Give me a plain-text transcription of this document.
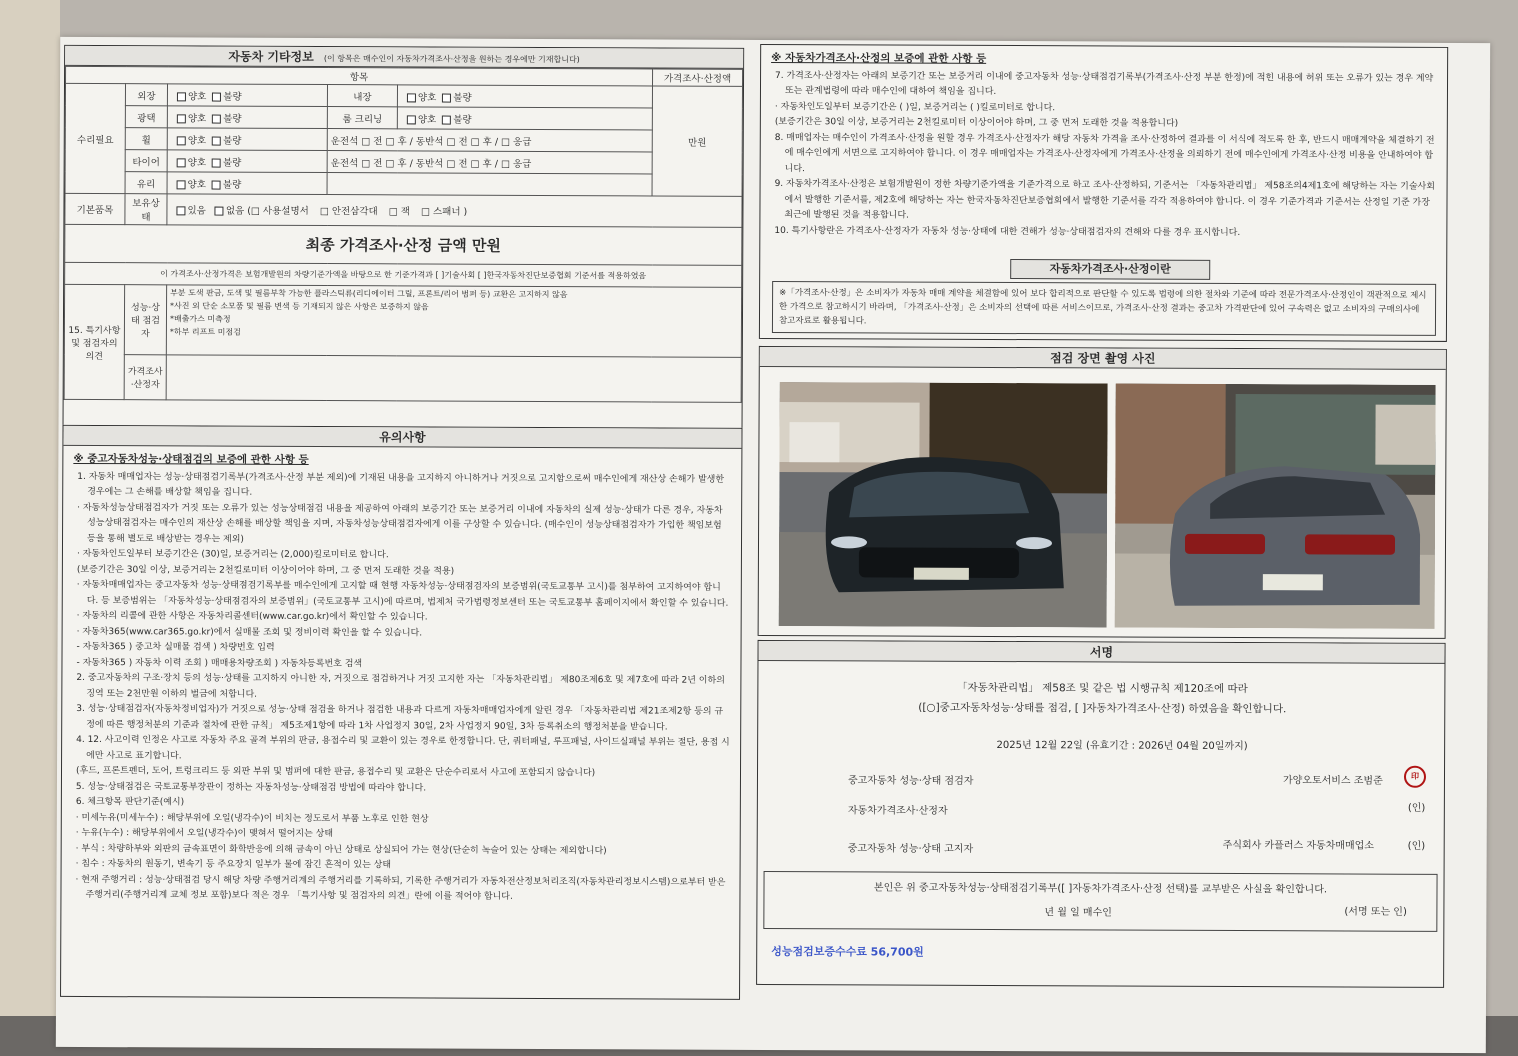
자동차 기타정보 (이 항목은 매수인이 자동차가격조사·산정을 원하는 경우에만 기재합니다)
항목					가격조사·산정액
수리필요	외장	양호 불량	내장	양호 불량	만원
	광택	양호 불량	룸 크리닝	양호 불량	
	휠	양호 불량	운전석 □ 전 □ 후 / 동반석 □ 전 □ 후 / □ 응급		
	타이어	양호 불량	운전석 □ 전 □ 후 / 동반석 □ 전 □ 후 / □ 응급		
	유리	양호 불량			
기본품목	보유상태	있음 없음 (□ 사용설명서 □ 안전삼각대 □ 잭 □ 스패너 )			
최종 가격조사·산정 금액 만원					
이 가격조사·산정가격은 보험개발원의 차량기준가액을 바탕으로 한 기준가격과 [ ]기술사회 [ ]한국자동차진단보증협회 기준서를 적용하였음					
15. 특기사항 및 점검자의 의견	성능·상태 점검자	부분 도색 판금, 도색 및 필름부착 가능한 플라스틱류(리디에이터 그릴, 프론트/리어 범퍼 등) 교환은 고지하지 않음
*사진 외 단순 소모품 및 필름 변색 등 기재되지 않은 사항은 보증하지 않음
*배출가스 미측정
*하부 리프트 미점검			
	가격조사·산정자				
유의사항

※ 중고자동차성능·상태점검의 보증에 관한 사항 등

1. 자동차 매매업자는 성능·상태점검기록부(가격조사·산정 부분 제외)에 기재된 내용을 고지하지 아니하거나 거짓으로 고지함으로써 매수인에게 재산상 손해가 발생한 경우에는 그 손해를 배상할 책임을 집니다.

· 자동차성능상태점검자가 거짓 또는 오류가 있는 성능상태점검 내용을 제공하여 아래의 보증기간 또는 보증거리 이내에 자동차의 실제 성능·상태가 다른 경우, 자동차성능상태점검자는 매수인의 재산상 손해를 배상할 책임을 지며, 자동차성능상태점검자에게 이를 구상할 수 있습니다. (매수인이 성능상태점검자가 가입한 책임보험 등을 통해 별도로 배상받는 경우는 제외)

· 자동차인도일부터 보증기간은 (30)일, 보증거리는 (2,000)킬로미터로 합니다.

(보증기간은 30일 이상, 보증거리는 2천킬로미터 이상이어야 하며, 그 중 먼저 도래한 것을 적용)

· 자동차매매업자는 중고자동차 성능·상태점검기록부를 매수인에게 고지할 때 현행 자동차성능·상태점검자의 보증범위(국토교통부 고시)를 첨부하여 고지하여야 합니다. 등 보증범위는 「자동차성능·상태점검자의 보증범위」(국토교통부 고시)에 따르며, 법제처 국가법령정보센터 또는 국토교통부 홈페이지에서 확인할 수 있습니다.

· 자동차의 리콜에 관한 사항은 자동차리콜센터(www.car.go.kr)에서 확인할 수 있습니다.

· 자동차365(www.car365.go.kr)에서 실매물 조회 및 정비이력 확인을 할 수 있습니다.

- 자동차365 ) 중고차 실매물 검색 ) 차량번호 입력

- 자동차365 ) 자동차 이력 조회 ) 매매용차량조회 ) 자동차등록번호 검색

2. 중고자동차의 구조·장치 등의 성능·상태를 고지하지 아니한 자, 거짓으로 점검하거나 거짓 고지한 자는 「자동차관리법」 제80조제6호 및 제7호에 따라 2년 이하의 징역 또는 2천만원 이하의 벌금에 처합니다.

3. 성능·상태점검자(자동차정비업자)가 거짓으로 성능·상태 점검을 하거나 점검한 내용과 다르게 자동차매매업자에게 알린 경우 「자동차관리법 제21조제2항 등의 규정에 따른 행정처분의 기준과 절차에 관한 규칙」 제5조제1항에 따라 1차 사업정지 30일, 2차 사업정지 90일, 3차 등록취소의 행정처분을 받습니다.

4. 12. 사고이력 인정은 사고로 자동차 주요 골격 부위의 판금, 용접수리 및 교환이 있는 경우로 한정합니다. 단, 쿼터패널, 루프패널, 사이드실패널 부위는 절단, 용접 시에만 사고로 표기합니다.

(후드, 프론트펜더, 도어, 트렁크리드 등 외판 부위 및 범퍼에 대한 판금, 용접수리 및 교환은 단순수리로서 사고에 포함되지 않습니다)

5. 성능·상태점검은 국토교통부장관이 정하는 자동차성능·상태점검 방법에 따라야 합니다.

6. 체크항목 판단기준(예시)

· 미세누유(미세누수) : 해당부위에 오일(냉각수)이 비치는 정도로서 부품 노후로 인한 현상

· 누유(누수) : 해당부위에서 오일(냉각수)이 맺혀서 떨어지는 상태

· 부식 : 차량하부와 외판의 금속표면이 화학반응에 의해 금속이 아닌 상태로 상실되어 가는 현상(단순히 녹슬어 있는 상태는 제외합니다)

· 침수 : 자동차의 원동기, 변속기 등 주요장치 일부가 물에 잠긴 흔적이 있는 상태

· 현재 주행거리 : 성능·상태점검 당시 해당 차량 주행거리계의 주행거리를 기록하되, 기록한 주행거리가 자동차전산정보처리조직(자동차관리정보시스템)으로부터 받은 주행거리(주행거리계 교체 정보 포함)보다 적은 경우 「특기사항 및 점검자의 의견」란에 이를 적어야 합니다.

※ 자동차가격조사·산정의 보증에 관한 사항 등

7. 가격조사·산정자는 아래의 보증기간 또는 보증거리 이내에 중고자동차 성능·상태점검기록부(가격조사·산정 부분 한정)에 적힌 내용에 허위 또는 오류가 있는 경우 계약 또는 관계법령에 따라 매수인에 대하여 책임을 집니다.

· 자동차인도일부터 보증기간은 ( )일, 보증거리는 ( )킬로미터로 합니다.

(보증기간은 30일 이상, 보증거리는 2천킬로미터 이상이어야 하며, 그 중 먼저 도래한 것을 적용합니다)

8. 매매업자는 매수인이 가격조사·산정을 원할 경우 가격조사·산정자가 해당 자동차 가격을 조사·산정하여 결과를 이 서식에 적도록 한 후, 반드시 매매계약을 체결하기 전에 매수인에게 서면으로 고지하여야 합니다. 이 경우 매매업자는 가격조사·산정자에게 가격조사·산정을 의뢰하기 전에 매수인에게 가격조사·산정 비용을 안내하여야 합니다.

9. 자동차가격조사·산정은 보험개발원이 정한 차량기준가액을 기준가격으로 하고 조사·산정하되, 기준서는 「자동차관리법」 제58조의4제1호에 해당하는 자는 기술사회에서 발행한 기준서를, 제2호에 해당하는 자는 한국자동차진단보증협회에서 발행한 기준서를 각각 적용하여야 합니다. 이 경우 기준가격과 기준서는 산정일 기준 가장 최근에 발행된 것을 적용합니다.

10. 특기사항란은 가격조사·산정자가 자동차 성능·상태에 대한 견해가 성능·상태점검자의 견해와 다를 경우 표시합니다.

자동차가격조사·산정이란
※「가격조사·산정」은 소비자가 자동차 매매 계약을 체결함에 있어 보다 합리적으로 판단할 수 있도록 법령에 의한 절차와 기준에 따라 전문가격조사·산정인이 객관적으로 제시한 가격으로 참고하시기 바라며, 「가격조사·산정」은 소비자의 선택에 따른 서비스이므로, 가격조사·산정 결과는 중고차 가격판단에 있어 구속력은 없고 소비자의 구매의사에 참고자료로 활용됩니다.
점검 장면 촬영 사진
서명
「자동차관리법」 제58조 및 같은 법 시행규칙 제120조에 따라
([○]중고자동차성능·상태를 점검, [ ]자동차가격조사·산정) 하였음을 확인합니다.
2025년 12월 22일 (유효기간 : 2026년 04월 20일까지)
중고자동차 성능·상태 점검자	가양오토서비스 조범준	印
자동차가격조사·산정자	(인)
중고자동차 성능·상태 고지자	주식회사 카플러스 자동차매매업소	(인)
본인은 위 중고자동차성능·상태점검기록부([ ]자동차가격조사·산정 선택)를 교부받은 사실을 확인합니다.
년 월 일 매수인	(서명 또는 인)
성능점검보증수수료 56,700원
